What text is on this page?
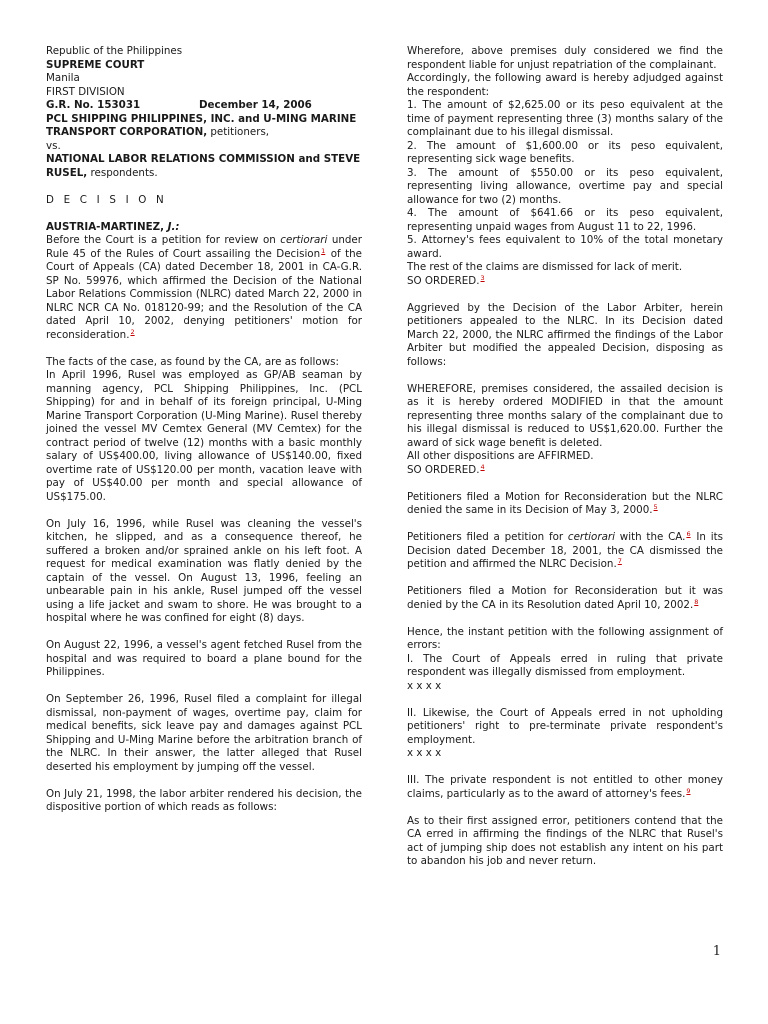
Republic of the Philippines

SUPREME COURT

Manila

FIRST DIVISION

G.R. No. 153031	December 14, 2006

PCL SHIPPING PHILIPPINES, INC. and U-MING MARINE TRANSPORT CORPORATION, petitioners,

vs.

NATIONAL LABOR RELATIONS COMMISSION and STEVE RUSEL, respondents.

D E C I S I O N

AUSTRIA-MARTINEZ, J.:

Before the Court is a petition for review on certiorari under Rule 45 of the Rules of Court assailing the Decision$^1$ of the Court of Appeals (CA) dated December 18, 2001 in CA-G.R. SP No. 59976, which affirmed the Decision of the National Labor Relations Commission (NLRC) dated March 22, 2000 in NLRC NCR CA No. 018120-99; and the Resolution of the CA dated April 10, 2002, denying petitioners' motion for reconsideration.$^2$

The facts of the case, as found by the CA, are as follows:

In April 1996, Rusel was employed as GP/AB seaman by manning agency, PCL Shipping Philippines, Inc. (PCL Shipping) for and in behalf of its foreign principal, U-Ming Marine Transport Corporation (U-Ming Marine). Rusel thereby joined the vessel MV Cemtex General (MV Cemtex) for the contract period of twelve (12) months with a basic monthly salary of US$400.00, living allowance of US$140.00, fixed overtime rate of US$120.00 per month, vacation leave with pay of US$40.00 per month and special allowance of US$175.00.

On July 16, 1996, while Rusel was cleaning the vessel's kitchen, he slipped, and as a consequence thereof, he suffered a broken and/or sprained ankle on his left foot. A request for medical examination was flatly denied by the captain of the vessel. On August 13, 1996, feeling an unbearable pain in his ankle, Rusel jumped off the vessel using a life jacket and swam to shore. He was brought to a hospital where he was confined for eight (8) days.

On August 22, 1996, a vessel's agent fetched Rusel from the hospital and was required to board a plane bound for the Philippines.

On September 26, 1996, Rusel filed a complaint for illegal dismissal, non-payment of wages, overtime pay, claim for medical benefits, sick leave pay and damages against PCL Shipping and U-Ming Marine before the arbitration branch of the NLRC. In their answer, the latter alleged that Rusel deserted his employment by jumping off the vessel.

On July 21, 1998, the labor arbiter rendered his decision, the dispositive portion of which reads as follows:

Wherefore, above premises duly considered we find the respondent liable for unjust repatriation of the complainant.

Accordingly, the following award is hereby adjudged against the respondent:

1. The amount of $2,625.00 or its peso equivalent at the time of payment representing three (3) months salary of the complainant due to his illegal dismissal.

2. The amount of $1,600.00 or its peso equivalent, representing sick wage benefits.

3. The amount of $550.00 or its peso equivalent, representing living allowance, overtime pay and special allowance for two (2) months.

4. The amount of $641.66 or its peso equivalent, representing unpaid wages from August 11 to 22, 1996.

5. Attorney's fees equivalent to 10% of the total monetary award.

The rest of the claims are dismissed for lack of merit.

SO ORDERED.$^3$

Aggrieved by the Decision of the Labor Arbiter, herein petitioners appealed to the NLRC. In its Decision dated March 22, 2000, the NLRC affirmed the findings of the Labor Arbiter but modified the appealed Decision, disposing as follows:

WHEREFORE, premises considered, the assailed decision is as it is hereby ordered MODIFIED in that the amount representing three months salary of the complainant due to his illegal dismissal is reduced to US$1,620.00. Further the award of sick wage benefit is deleted.

All other dispositions are AFFIRMED.

SO ORDERED.$^4$

Petitioners filed a Motion for Reconsideration but the NLRC denied the same in its Decision of May 3, 2000.$^5$

Petitioners filed a petition for certiorari with the CA.$^6$ In its Decision dated December 18, 2001, the CA dismissed the petition and affirmed the NLRC Decision.$^7$

Petitioners filed a Motion for Reconsideration but it was denied by the CA in its Resolution dated April 10, 2002.$^8$

Hence, the instant petition with the following assignment of errors:

I. The Court of Appeals erred in ruling that private respondent was illegally dismissed from employment.

x x x x

II. Likewise, the Court of Appeals erred in not upholding petitioners' right to pre-terminate private respondent's employment.

x x x x

III. The private respondent is not entitled to other money claims, particularly as to the award of attorney's fees.$^9$

As to their first assigned error, petitioners contend that the CA erred in affirming the findings of the NLRC that Rusel's act of jumping ship does not establish any intent on his part to abandon his job and never return.

1
